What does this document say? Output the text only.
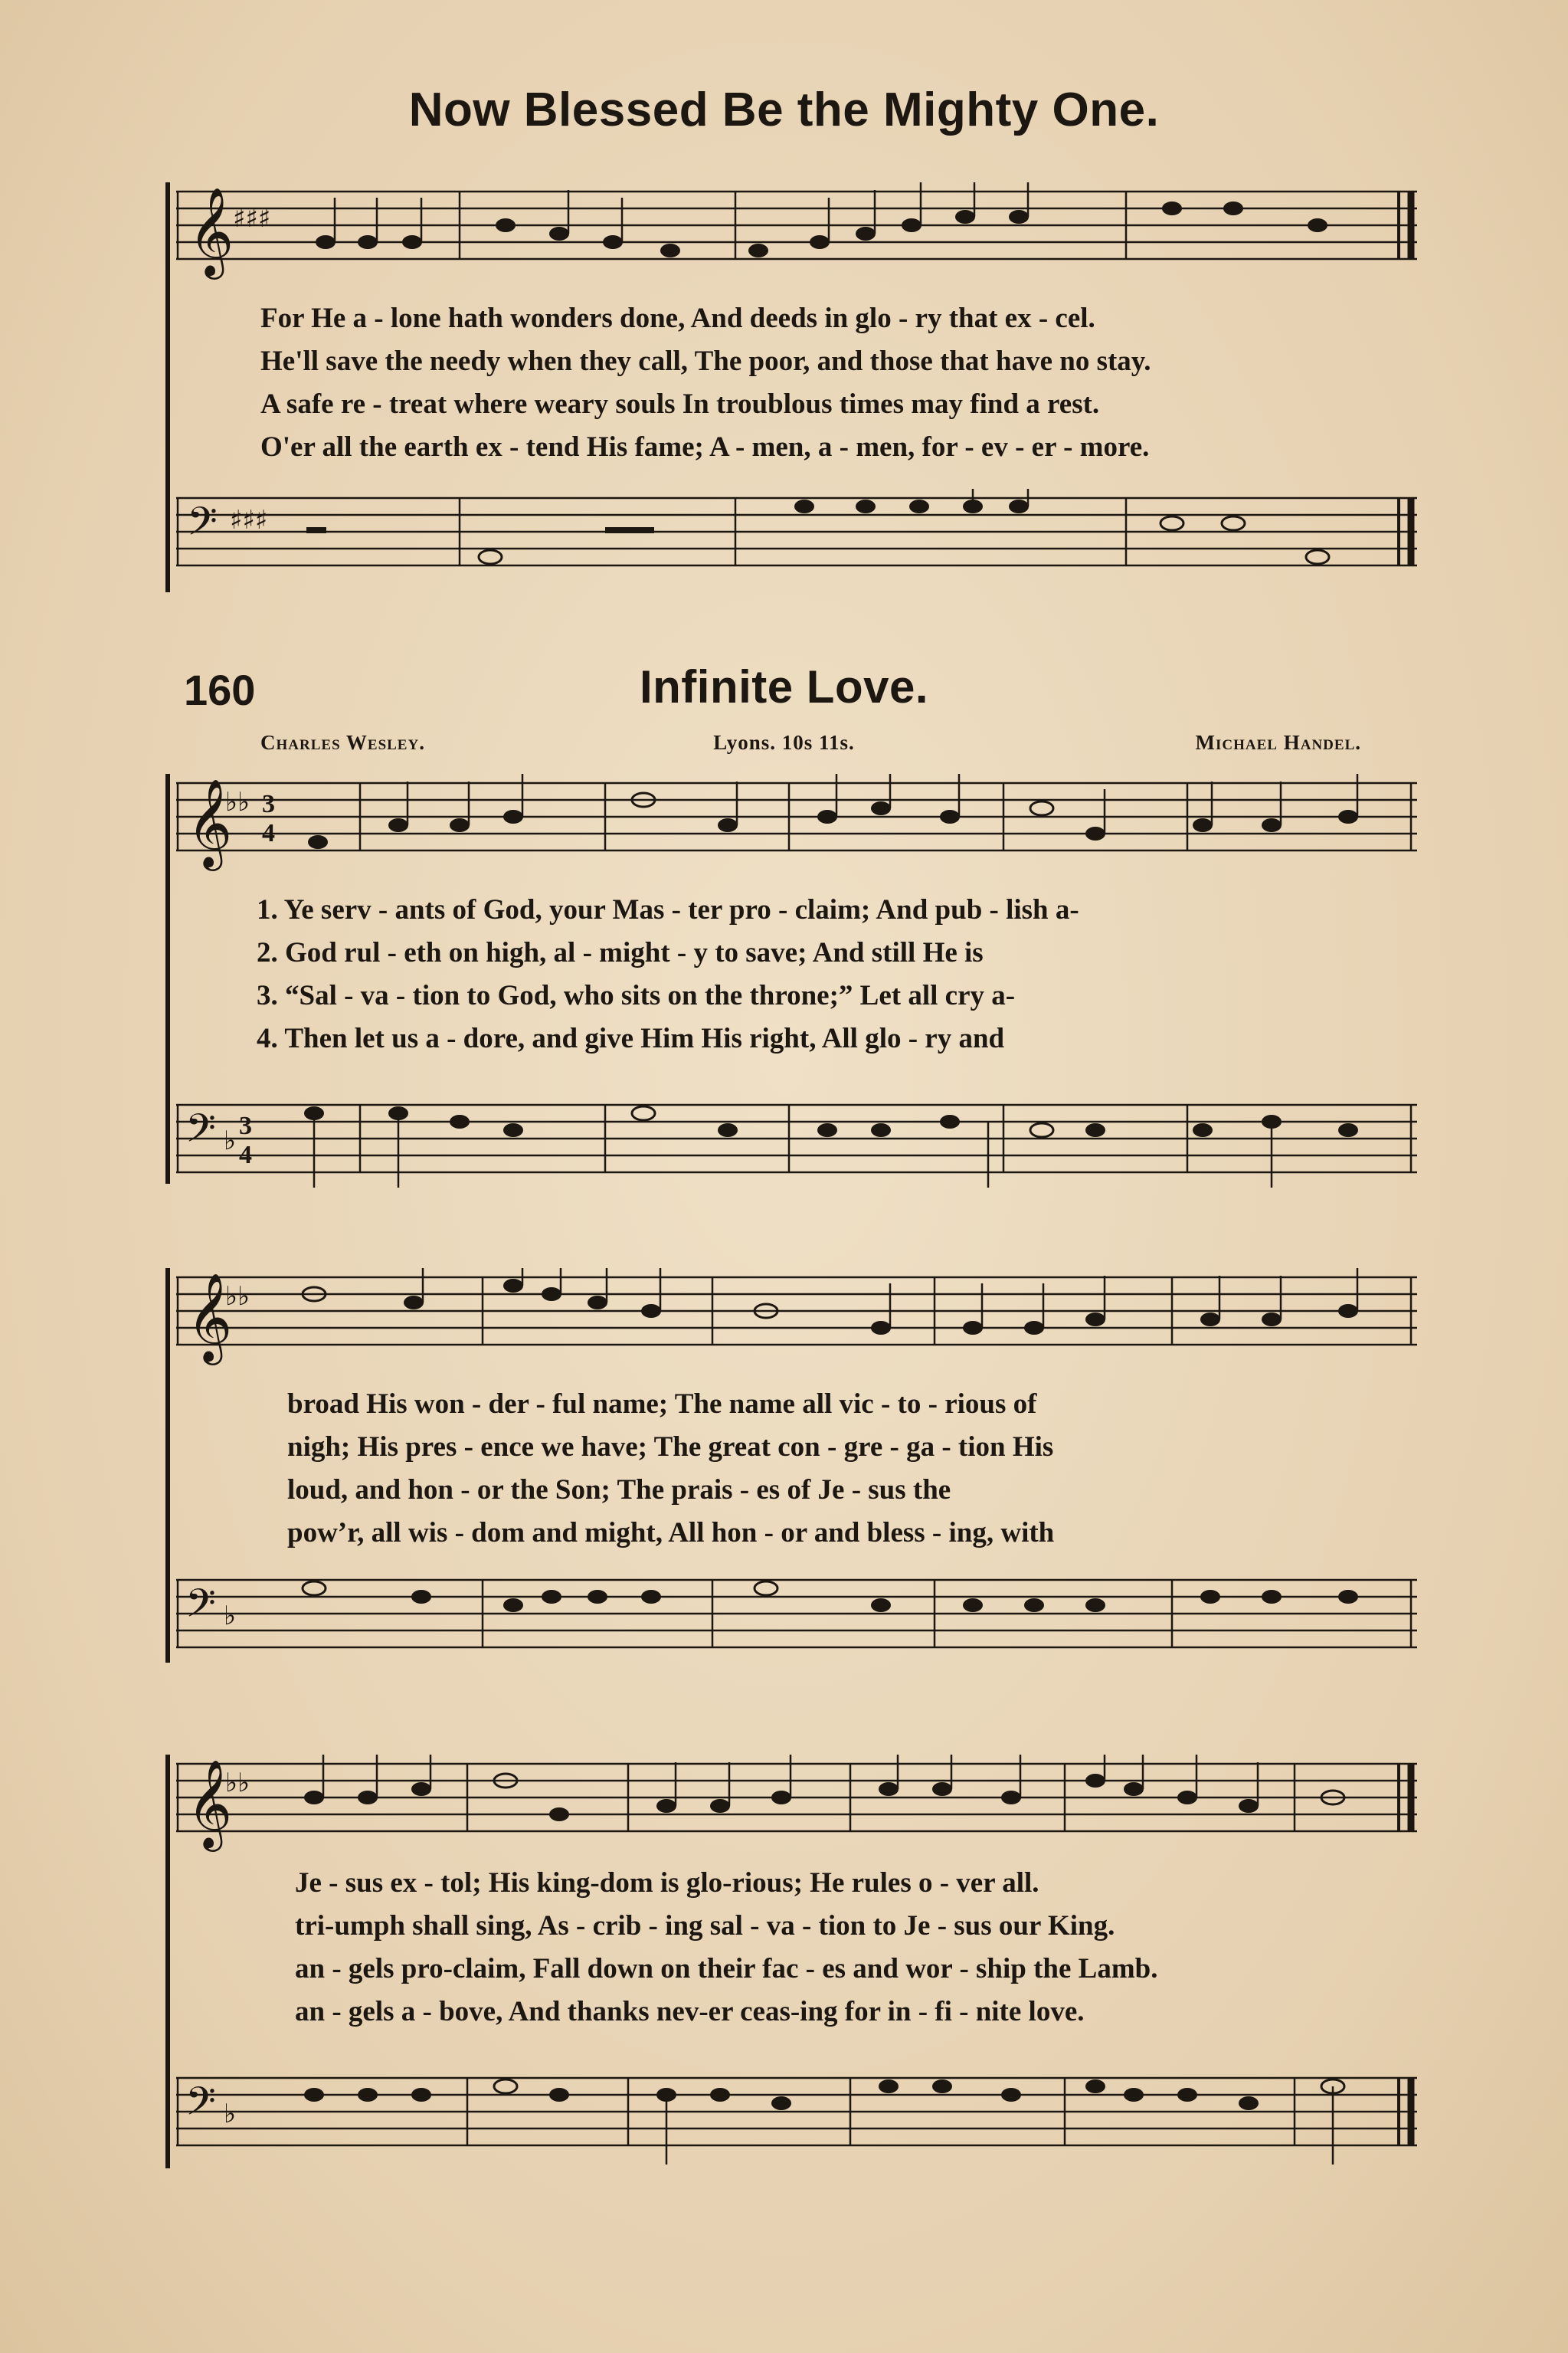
Now Blessed Be the Mighty One.
𝄞
♯♯♯
For He a - lone hath wonders done, And deeds in glo - ry that ex - cel.
He'll save the needy when they call, The poor, and those that have no stay.
A safe re - treat where weary souls In troublous times may find a rest.
O'er all the earth ex - tend His fame; A - men, a - men, for - ev - er - more.
𝄢 ♯♯♯
160	Infinite Love.
Charles Wesley.	Lyons. 10s 11s.	Michael Handel.
𝄞
♭♭ 3
4
1. Ye serv - ants of God, your Mas - ter pro - claim; And pub - lish a-
2. God rul - eth on high, al - might - y to save; And still He is
3. “Sal - va - tion to God, who sits on the throne;” Let all cry a-
4. Then let us a - dore, and give Him His right, All glo - ry and
𝄢 ♭ 3
4
𝄞
♭♭
broad His won - der - ful name; The name all vic - to - rious of
nigh; His pres - ence we have; The great con - gre - ga - tion His
loud, and hon - or the Son; The prais - es of Je - sus the
pow’r, all wis - dom and might, All hon - or and bless - ing, with
𝄢 ♭
𝄞
♭♭
Je - sus ex - tol; His king-dom is glo-rious; He rules o - ver all.
tri-umph shall sing, As - crib - ing sal - va - tion to Je - sus our King.
an - gels pro-claim, Fall down on their fac - es and wor - ship the Lamb.
an - gels a - bove, And thanks nev-er ceas-ing for in - fi - nite love.
𝄢 ♭
